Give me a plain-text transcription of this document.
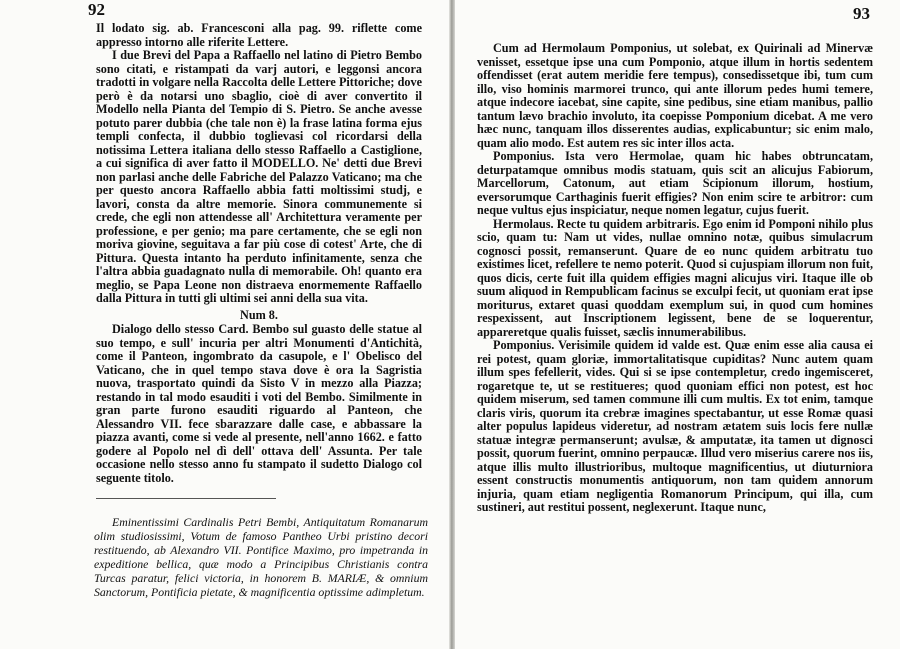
92

Il lodato sig. ab. Francesconi alla pag. 99. riflette come appresso intorno alle riferite Lettere.

I due Brevi del Papa a Raffaello nel latino di Pietro Bembo sono citati, e ristampati da varj autori, e leggonsi ancora tradotti in volgare nella Raccolta delle Lettere Pittoriche; dove però è da notarsi uno sbaglio, cioè di aver convertito il Modello nella Pianta del Tempio di S. Pietro. Se anche avesse potuto parer dubbia (che tale non è) la frase latina forma ejus templi confecta, il dubbio toglievasi col ricordarsi della notissima Lettera italiana dello stesso Raffaello a Castiglione, a cui significa di aver fatto il MODELLO. Ne' detti due Brevi non parlasi anche delle Fabriche del Palazzo Vaticano; ma che per questo ancora Raffaello abbia fatti moltissimi studj, e lavori, consta da altre memorie. Sinora communemente si crede, che egli non attendesse all' Architettura veramente per professione, e per genio; ma pare certamente, che se egli non moriva giovine, seguitava a far più cose di cotest' Arte, che di Pittura. Questa intanto ha perduto infinitamente, senza che l'altra abbia guadagnato nulla di memorabile. Oh! quanto era meglio, se Papa Leone non distraeva enormemente Raffaello dalla Pittura in tutti gli ultimi sei anni della sua vita.

Num 8.

Dialogo dello stesso Card. Bembo sul guasto delle statue al suo tempo, e sull' incuria per altri Monumenti d'Antichità, come il Panteon, ingombrato da casupole, e l' Obelisco del Vaticano, che in quel tempo stava dove è ora la Sagristia nuova, trasportato quindi da Sisto V in mezzo alla Piazza; restando in tal modo esauditi i voti del Bembo. Similmente in gran parte furono esauditi riguardo al Panteon, che Alessandro VII. fece sbarazzare dalle case, e abbassare la piazza avanti, come si vede al presente, nell'anno 1662. e fatto godere al Popolo nel dì dell' ottava dell' Assunta. Per tale occasione nello stesso anno fu stampato il sudetto Dialogo col seguente titolo.

Eminentissimi Cardinalis Petri Bembi, Antiquitatum Romanarum olim studiosissimi, Votum de famoso Pantheo Urbi pristino decori restituendo, ab Alexandro VII. Pontifice Maximo, pro impetranda in expeditione bellica, quæ modo a Principibus Christianis contra Turcas paratur, felici victoria, in honorem B. MARIÆ, & omnium Sanctorum, Pontificia pietate, & magnificentia optissime adimpletum.

93

Cum ad Hermolaum Pomponius, ut solebat, ex Quirinali ad Minervæ venisset, essetque ipse una cum Pomponio, atque illum in hortis sedentem offendisset (erat autem meridie fere tempus), consedissetque ibi, tum cum illo, viso hominis marmorei trunco, qui ante illorum pedes humi temere, atque indecore iacebat, sine capite, sine pedibus, sine etiam manibus, pallio tantum lævo brachio involuto, ita coepisse Pomponium dicebat. A me vero hæc nunc, tanquam illos disserentes audias, explicabuntur; sic enim malo, quam alio modo. Est autem res sic inter illos acta.

Pomponius. Ista vero Hermolae, quam hic habes obtruncatam, deturpatamque omnibus modis statuam, quis scit an alicujus Fabiorum, Marcellorum, Catonum, aut etiam Scipionum illorum, hostium, eversorumque Carthaginis fuerit effigies? Non enim scire te arbitror: cum neque vultus ejus inspiciatur, neque nomen legatur, cujus fuerit.

Hermolaus. Recte tu quidem arbitraris. Ego enim id Pomponi nihilo plus scio, quam tu: Nam ut vides, nullae omnino notæ, quibus simulacrum cognosci possit, remanserunt. Quare de eo nunc quidem arbitratu tuo existimes licet, refellere te nemo poterit. Quod si cujuspiam illorum non fuit, quos dicis, certe fuit illa quidem effigies magni alicujus viri. Itaque ille ob suum aliquod in Rempublicam facinus se exculpi fecit, ut quoniam erat ipse moriturus, extaret quasi quoddam exemplum sui, in quod cum homines respexissent, aut Inscriptionem legissent, bene de se loquerentur, appareretque qualis fuisset, sæclis innumerabilibus.

Pomponius. Verisimile quidem id valde est. Quæ enim esse alia causa ei rei potest, quam gloriæ, immortalitatisque cupiditas? Nunc autem quam illum spes fefellerit, vides. Qui si se ipse contempletur, credo ingemisceret, rogaretque te, ut se restitueres; quod quoniam effici non potest, est hoc quidem miserum, sed tamen commune illi cum multis. Ex tot enim, tamque claris viris, quorum ita crebræ imagines spectabantur, ut esse Romæ quasi alter populus lapideus videretur, ad nostram ætatem suis locis fere nullæ statuæ integræ permanserunt; avulsæ, & amputatæ, ita tamen ut dignosci possit, quorum fuerint, omnino perpaucæ. Illud vero miserius carere nos iis, atque illis multo illustrioribus, multoque magnificentius, ut diuturniora essent constructis monumentis antiquorum, non tam quidem annorum injuria, quam etiam negligentia Romanorum Principum, qui illa, cum sustineri, aut restitui possent, neglexerunt. Itaque nunc,
